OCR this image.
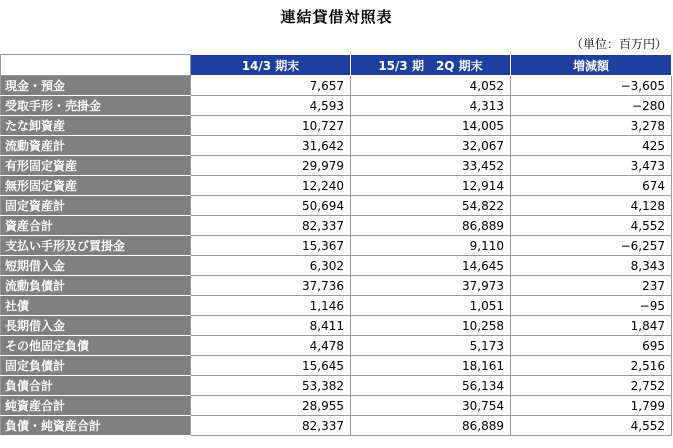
連結貸借対照表
（単位：百万円）
	14/3 期末	15/3 期　2Q 期末	増減額
現金・預金	7,657	4,052	−3,605
受取手形・売掛金	4,593	4,313	−280
たな卸資産	10,727	14,005	3,278
流動資産計	31,642	32,067	425
有形固定資産	29,979	33,452	3,473
無形固定資産	12,240	12,914	674
固定資産計	50,694	54,822	4,128
資産合計	82,337	86,889	4,552
支払い手形及び買掛金	15,367	9,110	−6,257
短期借入金	6,302	14,645	8,343
流動負債計	37,736	37,973	237
社債	1,146	1,051	−95
長期借入金	8,411	10,258	1,847
その他固定負債	4,478	5,173	695
固定負債計	15,645	18,161	2,516
負債合計	53,382	56,134	2,752
純資産合計	28,955	30,754	1,799
負債・純資産合計	82,337	86,889	4,552
